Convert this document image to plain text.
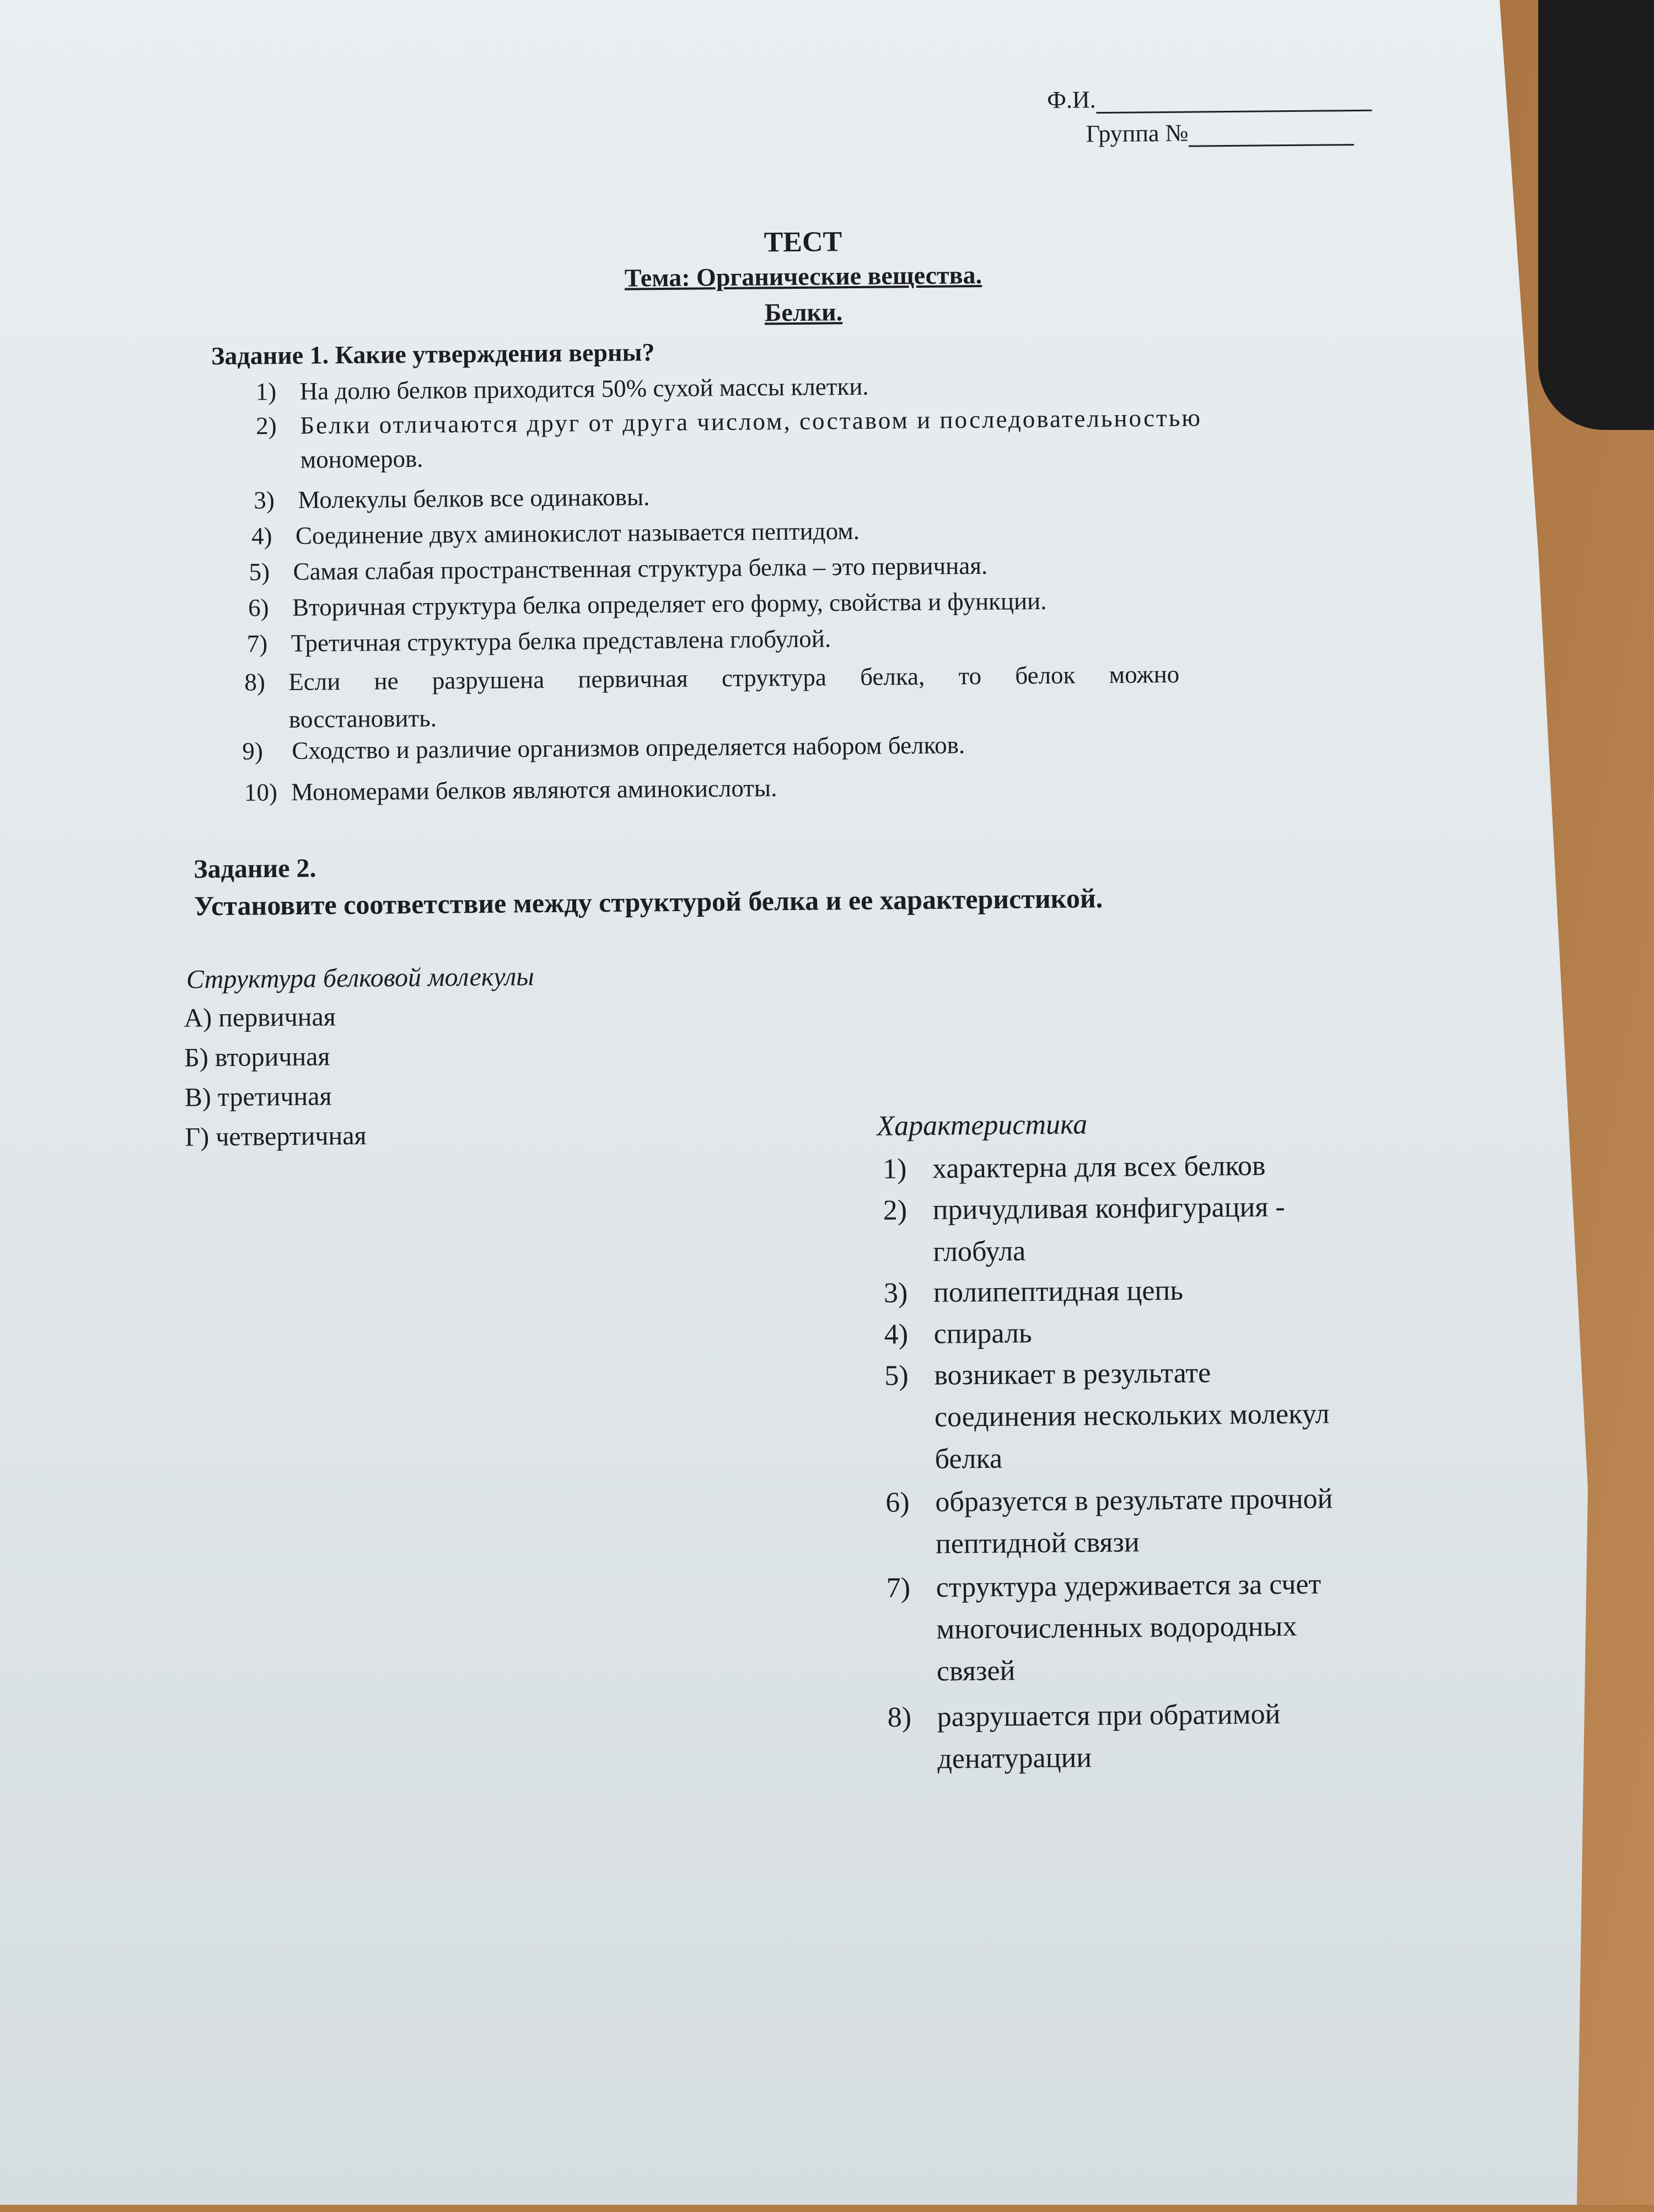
Ф.И.
Группа №
ТЕСТ
Тема: Органические вещества.
Белки.
Задание 1. Какие утверждения верны?
1) На долю белков приходится 50% сухой массы клетки.
2) Белки отличаются друг от друга числом, составом и последовательностью
мономеров.
3) Молекулы белков все одинаковы.
4) Соединение двух аминокислот называется пептидом.
5) Самая слабая пространственная структура белка – это первичная.
6) Вторичная структура белка определяет его форму, свойства и функции.
7) Третичная структура белка представлена глобулой.
8) Если не разрушена первичная структура белка, то белок можно
восстановить.
9) Сходство и различие организмов определяется набором белков.
10) Мономерами белков являются аминокислоты.
Задание 2.
Установите соответствие между структурой белка и ее характеристикой.
Структура белковой молекулы
А) первичная
Б) вторичная
В) третичная
Г) четвертичная	Характеристика
1) характерна для всех белков
2) причудливая конфигурация -
глобула
3) полипептидная цепь
4) спираль
5) возникает в результате
соединения нескольких молекул
белка
6) образуется в результате прочной
пептидной связи
7) структура удерживается за счет
многочисленных водородных
связей
8) разрушается при обратимой
денатурации
